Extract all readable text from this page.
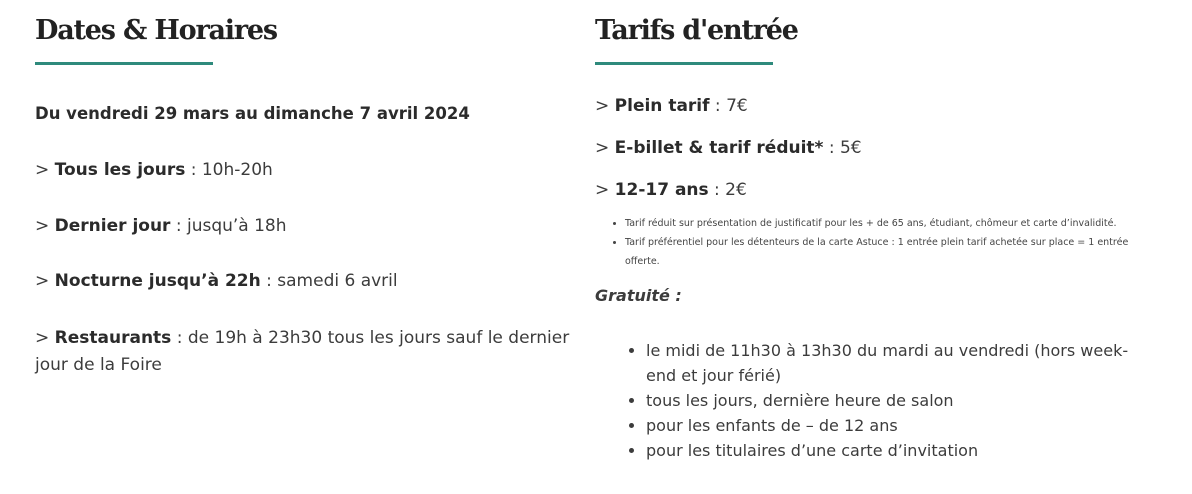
Dates & Horaires
Du vendredi 29 mars au dimanche 7 avril 2024
> Tous les jours : 10h-20h
> Dernier jour : jusqu’à 18h
> Nocturne jusqu’à 22h : samedi 6 avril
> Restaurants : de 19h à 23h30 tous les jours sauf le dernier jour de la Foire
Tarifs d'entrée
> Plein tarif : 7€
> E-billet & tarif réduit* : 5€
> 12-17 ans : 2€
• Tarif réduit sur présentation de justificatif pour les + de 65 ans, étudiant, chômeur et carte d’invalidité.
• Tarif préférentiel pour les détenteurs de la carte Astuce : 1 entrée plein tarif achetée sur place = 1 entrée offerte.
Gratuité :
• le midi de 11h30 à 13h30 du mardi au vendredi (hors week-end et jour férié)
• tous les jours, dernière heure de salon
• pour les enfants de – de 12 ans
• pour les titulaires d’une carte d’invitation
